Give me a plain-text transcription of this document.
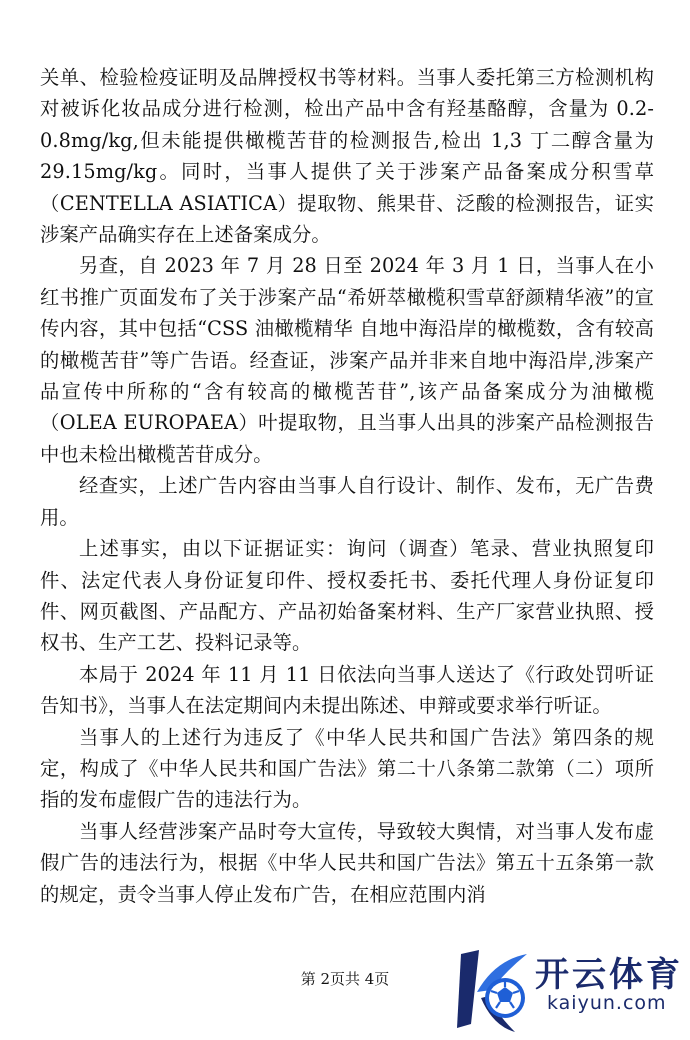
关单、检验检疫证明及品牌授权书等材料。当事人委托第三方检测机构对被诉化妆品成分进行检测，检出产品中含有羟基酪醇，含量为 0.2-0.8mg/kg,但未能提供橄榄苦苷的检测报告,检出 1,3 丁二醇含量为 29.15mg/kg。同时，当事人提供了关于涉案产品备案成分积雪草（CENTELLA ASIATICA）提取物、熊果苷、泛酸的检测报告，证实涉案产品确实存在上述备案成分。

另查，自 2023 年 7 月 28 日至 2024 年 3 月 1 日，当事人在小红书推广页面发布了关于涉案产品“希妍萃橄榄积雪草舒颜精华液”的宣传内容，其中包括“CSS 油橄榄精华 自地中海沿岸的橄榄数，含有较高的橄榄苦苷”等广告语。经查证，涉案产品并非来自地中海沿岸,涉案产品宣传中所称的“含有较高的橄榄苦苷”,该产品备案成分为油橄榄（OLEA EUROPAEA）叶提取物，且当事人出具的涉案产品检测报告中也未检出橄榄苦苷成分。

经查实，上述广告内容由当事人自行设计、制作、发布，无广告费用。

上述事实，由以下证据证实：询问（调查）笔录、营业执照复印件、法定代表人身份证复印件、授权委托书、委托代理人身份证复印件、网页截图、产品配方、产品初始备案材料、生产厂家营业执照、授权书、生产工艺、投料记录等。

本局于 2024 年 11 月 11 日依法向当事人送达了《行政处罚听证告知书》，当事人在法定期间内未提出陈述、申辩或要求举行听证。

当事人的上述行为违反了《中华人民共和国广告法》第四条的规定，构成了《中华人民共和国广告法》第二十八条第二款第（二）项所指的发布虚假广告的违法行为。

当事人经营涉案产品时夸大宣传，导致较大舆情，对当事人发布虚假广告的违法行为，根据《中华人民共和国广告法》第五十五条第一款的规定，责令当事人停止发布广告，在相应范围内消

第 2页共 4页	开云体育
kaiyun.com
